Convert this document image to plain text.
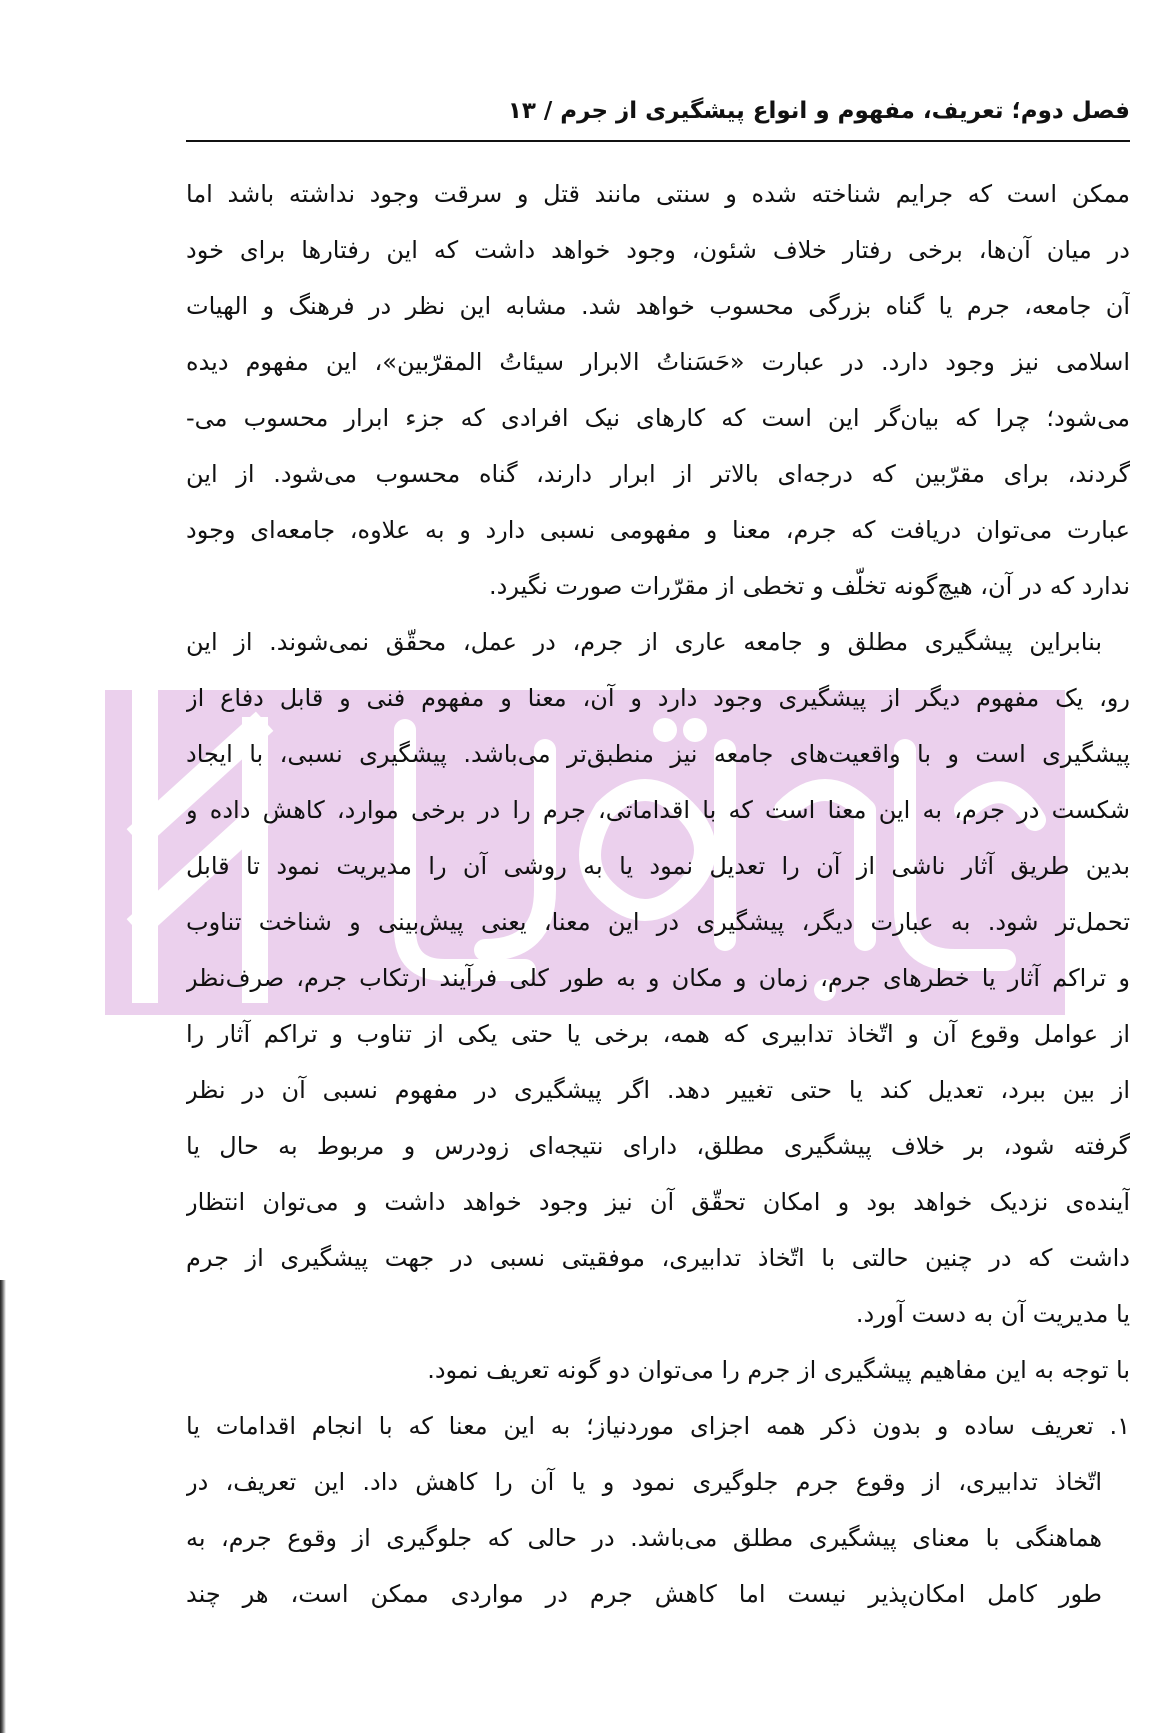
فصل دوم؛ تعریف، مفهوم و انواع پیشگیری از جرم / ۱۳
ممکن است که جرایم شناخته شده و سنتی مانند قتل و سرقت وجود نداشته باشد اما
در میان آن‌ها، برخی رفتار خلاف شئون، وجود خواهد داشت که این رفتارها برای خود
آن جامعه، جرم یا گناه بزرگی محسوب خواهد شد. مشابه این نظر در فرهنگ و الهیات
اسلامی نیز وجود دارد. در عبارت «حَسَناتُ الابرار سیئاتُ المقرّبین»، این مفهوم دیده
می‌شود؛ چرا که بیان‌گر این است که کارهای نیک افرادی که جزء ابرار محسوب می-
گردند، برای مقرّبین که درجه‌ای بالاتر از ابرار دارند، گناه محسوب می‌شود. از این
عبارت می‌توان دریافت که جرم، معنا و مفهومی نسبی دارد و به علاوه، جامعه‌ای وجود
ندارد که در آن، هیچ‌گونه تخلّف و تخطی از مقرّرات صورت نگیرد.
بنابراین پیشگیری مطلق و جامعه عاری از جرم، در عمل، محقّق نمی‌شوند. از این
رو، یک مفهوم دیگر از پیشگیری وجود دارد و آن، معنا و مفهوم فنی و قابل دفاع از
پیشگیری است و با واقعیت‌های جامعه نیز منطبق‌تر می‌باشد. پیشگیری نسبی، با ایجاد
شکست در جرم، به این معنا است که با اقداماتی، جرم را در برخی موارد، کاهش داده و
بدین طریق آثار ناشی از آن را تعدیل نمود یا به روشی آن را مدیریت نمود تا قابل
تحمل‌تر شود. به عبارت دیگر، پیشگیری در این معنا، یعنی پیش‌بینی و شناخت تناوب
و تراکم آثار یا خطرهای جرم، زمان و مکان و به طور کلی فرآیند ارتکاب جرم، صرف‌نظر
از عوامل وقوع آن و اتّخاذ تدابیری که همه، برخی یا حتی یکی از تناوب و تراکم آثار را
از بین ببرد، تعدیل کند یا حتی تغییر دهد. اگر پیشگیری در مفهوم نسبی آن در نظر
گرفته شود، بر خلاف پیشگیری مطلق، دارای نتیجه‌ای زودرس و مربوط به حال یا
آینده‌ی نزدیک خواهد بود و امکان تحقّق آن نیز وجود خواهد داشت و می‌توان انتظار
داشت که در چنین حالتی با اتّخاذ تدابیری، موفقیتی نسبی در جهت پیشگیری از جرم
یا مدیریت آن به دست آورد.
با توجه به این مفاهیم پیشگیری از جرم را می‌توان دو گونه تعریف نمود.
۱. تعریف ساده و بدون ذکر همه اجزای موردنیاز؛ به این معنا که با انجام اقدامات یا
اتّخاذ تدابیری، از وقوع جرم جلوگیری نمود و یا آن را کاهش داد. این تعریف، در
هماهنگی با معنای پیشگیری مطلق می‌باشد. در حالی که جلوگیری از وقوع جرم، به
طور کامل امکان‌پذیر نیست اما کاهش جرم در مواردی ممکن است، هر چند
